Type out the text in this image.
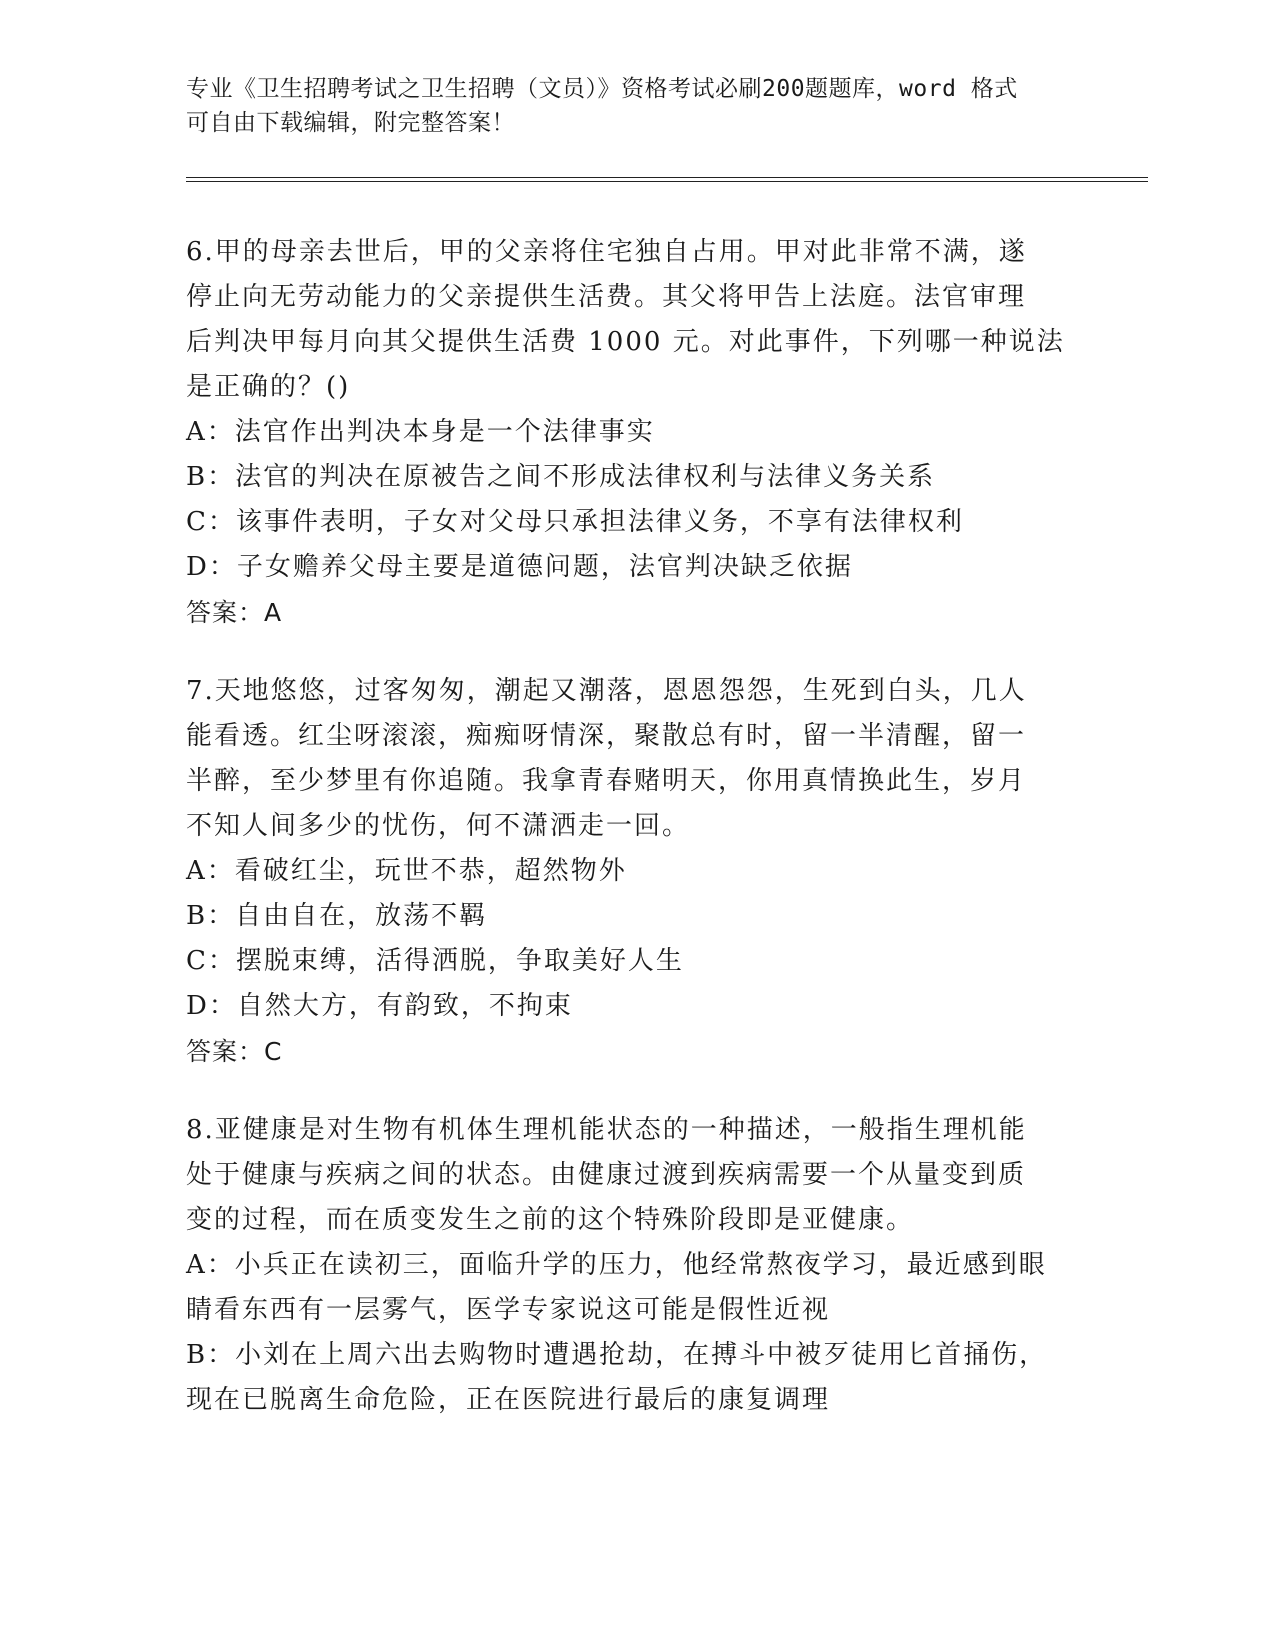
专业《卫生招聘考试之卫生招聘（文员）》资格考试必刷200题题库，word 格式
可自由下载编辑，附完整答案！
6.甲的母亲去世后，甲的父亲将住宅独自占用。甲对此非常不满，遂
停止向无劳动能力的父亲提供生活费。其父将甲告上法庭。法官审理
后判决甲每月向其父提供生活费 1000 元。对此事件，下列哪一种说法
是正确的？()
A：法官作出判决本身是一个法律事实
B：法官的判决在原被告之间不形成法律权利与法律义务关系
C：该事件表明，子女对父母只承担法律义务，不享有法律权利
D：子女赡养父母主要是道德问题，法官判决缺乏依据
答案：A
7.天地悠悠，过客匆匆，潮起又潮落，恩恩怨怨，生死到白头，几人
能看透。红尘呀滚滚，痴痴呀情深，聚散总有时，留一半清醒，留一
半醉，至少梦里有你追随。我拿青春赌明天，你用真情换此生，岁月
不知人间多少的忧伤，何不潇洒走一回。
A：看破红尘，玩世不恭，超然物外
B：自由自在，放荡不羁
C：摆脱束缚，活得洒脱，争取美好人生
D：自然大方，有韵致，不拘束
答案：C
8.亚健康是对生物有机体生理机能状态的一种描述，一般指生理机能
处于健康与疾病之间的状态。由健康过渡到疾病需要一个从量变到质
变的过程，而在质变发生之前的这个特殊阶段即是亚健康。
A：小兵正在读初三，面临升学的压力，他经常熬夜学习，最近感到眼
睛看东西有一层雾气，医学专家说这可能是假性近视
B：小刘在上周六出去购物时遭遇抢劫，在搏斗中被歹徒用匕首捅伤，
现在已脱离生命危险，正在医院进行最后的康复调理
